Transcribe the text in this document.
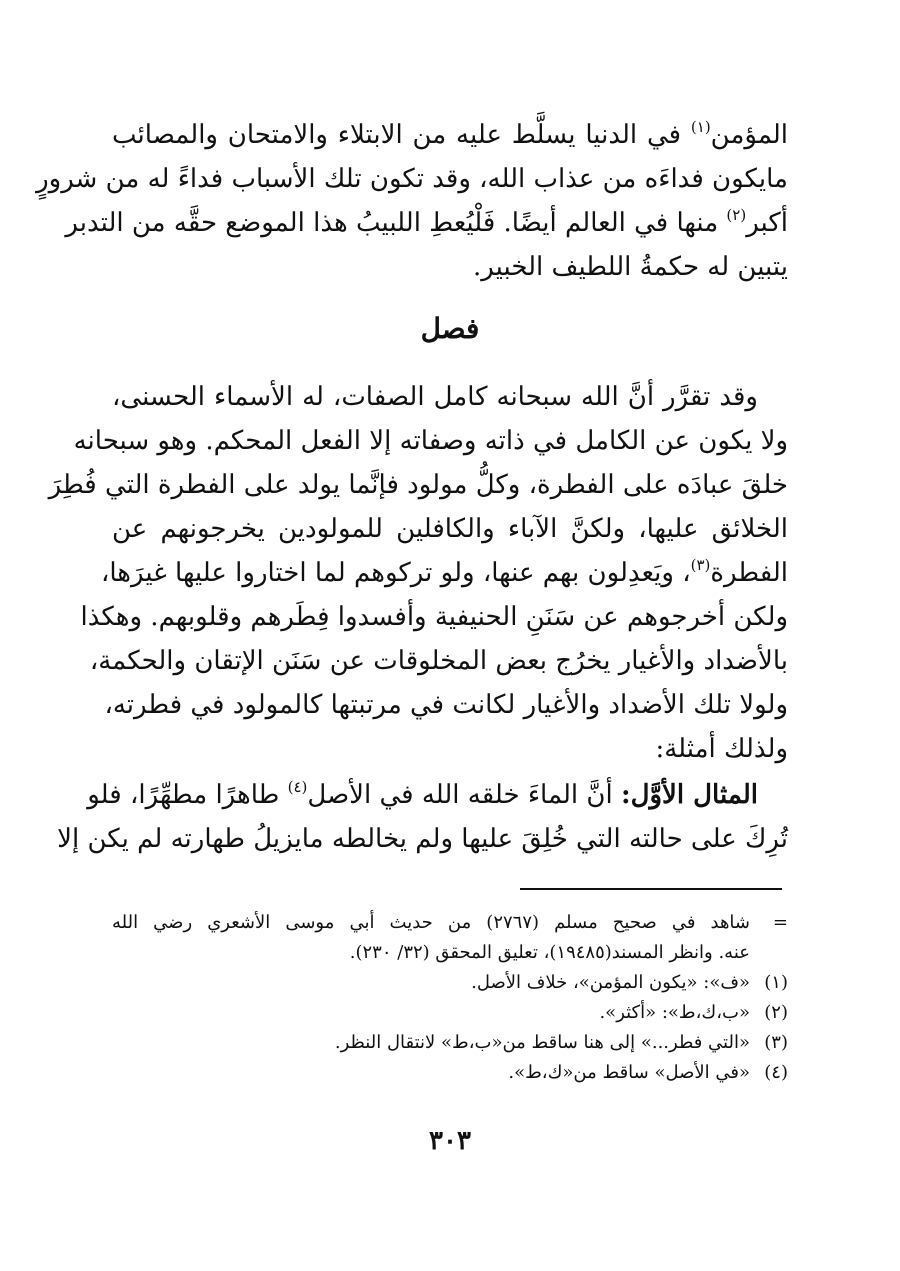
المؤمن$^{(١)}$ في الدنيا يسلَّط عليه من الابتلاء والامتحان والمصائب
مايكون فداءَه من عذاب الله، وقد تكون تلك الأسباب فداءً له من شرورٍ
أكبر$^{(٢)}$ منها في العالم أيضًا. فَلْيُعطِ اللبيبُ هذا الموضع حقَّه من التدبر
يتبين له حكمةُ اللطيف الخبير.
فصل
وقد تقرَّر أنَّ الله سبحانه كامل الصفات، له الأسماء الحسنى،
ولا يكون عن الكامل في ذاته وصفاته إلا الفعل المحكم. وهو سبحانه
خلقَ عبادَه على الفطرة، وكلُّ مولود فإنَّما يولد على الفطرة التي فُطِرَ
الخلائق عليها، ولكنَّ الآباء والكافلين للمولودين يخرجونهم عن
الفطرة$^{(٣)}$، ويَعدِلون بهم عنها، ولو تركوهم لما اختاروا عليها غيرَها،
ولكن أخرجوهم عن سَنَنِ الحنيفية وأفسدوا فِطَرهم وقلوبهم. وهكذا
بالأضداد والأغيار يخرُج بعض المخلوقات عن سَنَن الإتقان والحكمة،
ولولا تلك الأضداد والأغيار لكانت في مرتبتها كالمولود في فطرته،
ولذلك أمثلة:
المثال الأوَّل: أنَّ الماءَ خلقه الله في الأصل$^{(٤)}$ طاهرًا مطهِّرًا، فلو
تُرِكَ على حالته التي خُلِقَ عليها ولم يخالطه مايزيلُ طهارته لم يكن إلا
=
شاهد في صحيح مسلم (٢٧٦٧) من حديث أبي موسى الأشعري رضي الله
عنه. وانظر المسند(١٩٤٨٥)، تعليق المحقق (٣٢/ ٢٣٠).
(١)
«ف»: «يكون المؤمن»، خلاف الأصل.
(٢)
«ب،ك،ط»: «أكثر».
(٣)
«التي فطر...» إلى هنا ساقط من«ب،ط» لانتقال النظر.
(٤)
«في الأصل» ساقط من«ك،ط».
٣٠٣
